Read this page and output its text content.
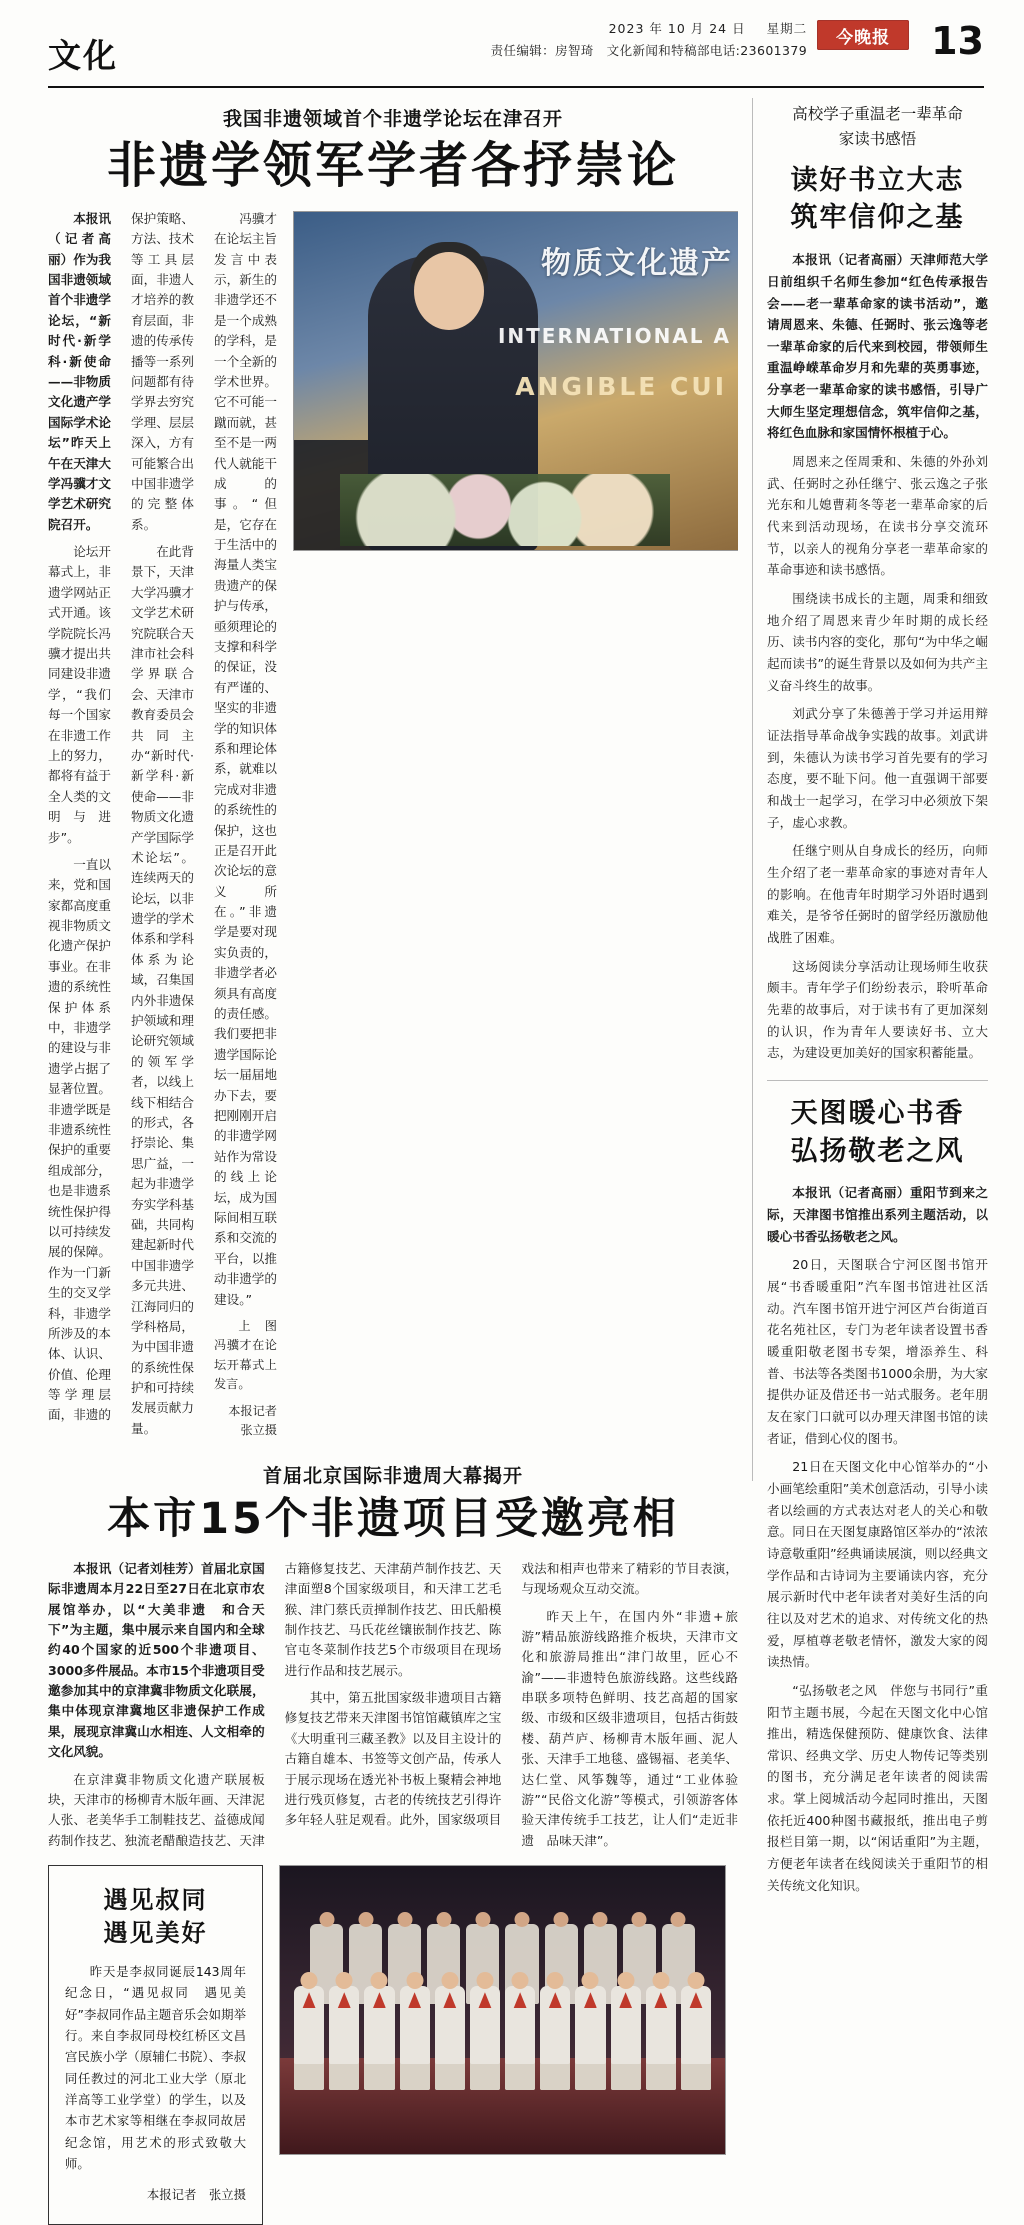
文化
2023 年 10 月 24 日 星期二
责任编辑：房智琦　文化新闻和特稿部电话:23601379
今晚报	13
我国非遗领域首个非遗学论坛在津召开
非遗学领军学者各抒崇论
物质文化遗产
INTERNATIONAL A
ANGIBLE CUI

本报讯（记者高丽）作为我国非遗领域首个非遗学论坛，“新时代·新学科·新使命——非物质文化遗产学国际学术论坛”昨天上午在天津大学冯骥才文学艺术研究院召开。

论坛开幕式上，非遗学网站正式开通。该学院院长冯骥才提出共同建设非遗学，“我们每一个国家在非遗工作上的努力，都将有益于全人类的文明与进步”。

一直以来，党和国家都高度重视非物质文化遗产保护事业。在非遗的系统性保护体系中，非遗学的建设与非遗学占据了显著位置。非遗学既是非遗系统性保护的重要组成部分，也是非遗系统性保护得以可持续发展的保障。作为一门新生的交叉学科，非遗学所涉及的本体、认识、价值、伦理等学理层面，非遗的保护策略、方法、技术等工具层面，非遗人才培养的教育层面，非遗的传承传播等一系列问题都有待学界去穷究学理、层层深入，方有可能繁合出中国非遗学的完整体系。

在此背景下，天津大学冯骥才文学艺术研究院联合天津市社会科学界联合会、天津市教育委员会共同主办“新时代·新学科·新使命——非物质文化遗产学国际学术论坛”。连续两天的论坛，以非遗学的学术体系和学科体系为论域，召集国内外非遗保护领域和理论研究领域的领军学者，以线上线下相结合的形式，各抒崇论、集思广益，一起为非遗学夯实学科基础，共同构建起新时代中国非遗学多元共进、江海同归的学科格局，为中国非遗的系统性保护和可持续发展贡献力量。

冯骥才在论坛主旨发言中表示，新生的非遗学还不是一个成熟的学科，是一个全新的学术世界。它不可能一蹴而就，甚至不是一两代人就能干成的事。“但是，它存在于生活中的海量人类宝贵遗产的保护与传承，亟须理论的支撑和科学的保证，没有严谨的、坚实的非遗学的知识体系和理论体系，就难以完成对非遗的系统性的保护，这也正是召开此次论坛的意义所在。”非遗学是要对现实负责的，非遗学者必须具有高度的责任感。我们要把非遗学国际论坛一届届地办下去，要把刚刚开启的非遗学网站作为常设的线上论坛，成为国际间相互联系和交流的平台，以推动非遗学的建设。”

上图　冯骥才在论坛开幕式上发言。

本报记者 张立摄

首届北京国际非遗周大幕揭开
本市15个非遗项目受邀亮相

本报讯（记者刘桂芳）首届北京国际非遗周本月22日至27日在北京市农展馆举办，以“大美非遗　和合天下”为主题，集中展示来自国内和全球约40个国家的近500个非遗项目、3000多件展品。本市15个非遗项目受邀参加其中的京津冀非物质文化联展，集中体现京津冀地区非遗保护工作成果，展现京津冀山水相连、人文相牵的文化风貌。

在京津冀非物质文化遗产联展板块，天津市的杨柳青木版年画、天津泥人张、老美华手工制鞋技艺、益德成闻药制作技艺、独流老醋酿造技艺、天津古籍修复技艺、天津葫芦制作技艺、天津面塑8个国家级项目，和天津工艺毛猴、津门蔡氏贡掸制作技艺、田氏船模制作技艺、马氏花丝镶嵌制作技艺、陈官屯冬菜制作技艺5个市级项目在现场进行作品和技艺展示。

其中，第五批国家级非遗项目古籍修复技艺带来天津图书馆馆藏镇库之宝《大明重刊三藏圣教》以及目主设计的古籍自雄本、书签等文创产品，传承人于展示现场在透光补书板上聚精会神地进行残页修复，古老的传统技艺引得许多年轻人驻足观看。此外，国家级项目戏法和相声也带来了精彩的节目表演，与现场观众互动交流。

昨天上午，在国内外“非遗+旅游”精品旅游线路推介板块，天津市文化和旅游局推出“津门故里，匠心不渝”——非遗特色旅游线路。这些线路串联多项特色鲜明、技艺高超的国家级、市级和区级非遗项目，包括古街鼓楼、葫芦庐、杨柳青木版年画、泥人张、天津手工地毯、盛锡福、老美华、达仁堂、风筝魏等，通过“工业体验游”“民俗文化游”等模式，引领游客体验天津传统手工技艺，让人们“走近非遗　品味天津”。

遇见叔同
遇见美好

昨天是李叔同诞辰143周年纪念日，“遇见叔同　遇见美好”李叔同作品主题音乐会如期举行。来自李叔同母校红桥区文昌宫民族小学（原辅仁书院）、李叔同任教过的河北工业大学（原北洋高等工业学堂）的学生，以及本市艺术家等相继在李叔同故居纪念馆，用艺术的形式致敬大师。

本报记者　张立摄

高校学子重温老一辈革命
家读书感悟
读好书立大志
筑牢信仰之基

本报讯（记者高丽）天津师范大学日前组织千名师生参加“红色传承报告会——老一辈革命家的读书活动”，邀请周恩来、朱德、任弼时、张云逸等老一辈革命家的后代来到校园，带领师生重温峥嵘革命岁月和先辈的英勇事迹，分享老一辈革命家的读书感悟，引导广大师生坚定理想信念，筑牢信仰之基，将红色血脉和家国情怀根植于心。

周恩来之侄周秉和、朱德的外孙刘武、任弼时之孙任继宁、张云逸之子张光东和儿媳曹莉冬等老一辈革命家的后代来到活动现场，在读书分享交流环节，以亲人的视角分享老一辈革命家的革命事迹和读书感悟。

围绕读书成长的主题，周秉和细致地介绍了周恩来青少年时期的成长经历、读书内容的变化，那句“为中华之崛起而读书”的诞生背景以及如何为共产主义奋斗终生的故事。

刘武分享了朱德善于学习并运用辩证法指导革命战争实践的故事。刘武讲到，朱德认为读书学习首先要有的学习态度，要不耻下问。他一直强调干部要和战士一起学习，在学习中必须放下架子，虚心求教。

任继宁则从自身成长的经历，向师生介绍了老一辈革命家的事迹对青年人的影响。在他青年时期学习外语时遇到难关，是爷爷任弼时的留学经历激励他战胜了困难。

这场阅读分享活动让现场师生收获颇丰。青年学子们纷纷表示，聆听革命先辈的故事后，对于读书有了更加深刻的认识，作为青年人要读好书、立大志，为建设更加美好的国家积蓄能量。

天图暖心书香
弘扬敬老之风

本报讯（记者高丽）重阳节到来之际，天津图书馆推出系列主题活动，以暖心书香弘扬敬老之风。

20日，天图联合宁河区图书馆开展“书香暖重阳”汽车图书馆进社区活动。汽车图书馆开进宁河区芦台街道百花名苑社区，专门为老年读者设置书香暖重阳敬老图书专架，增添养生、科普、书法等各类图书1000余册，为大家提供办证及借还书一站式服务。老年朋友在家门口就可以办理天津图书馆的读者证，借到心仪的图书。

21日在天图文化中心馆举办的“小小画笔绘重阳”美术创意活动，引导小读者以绘画的方式表达对老人的关心和敬意。同日在天图复康路馆区举办的“浓浓诗意敬重阳”经典诵读展演，则以经典文学作品和古诗词为主要诵读内容，充分展示新时代中老年读者对美好生活的向往以及对艺术的追求、对传统文化的热爱，厚植尊老敬老情怀，激发大家的阅读热情。

“弘扬敬老之风　伴您与书同行”重阳节主题书展，今起在天图文化中心馆推出，精选保健预防、健康饮食、法律常识、经典文学、历史人物传记等类别的图书，充分满足老年读者的阅读需求。掌上阅城活动今起同时推出，天图依托近400种图书藏报纸，推出电子剪报栏目第一期，以“闲话重阳”为主题，方便老年读者在线阅读关于重阳节的相关传统文化知识。
